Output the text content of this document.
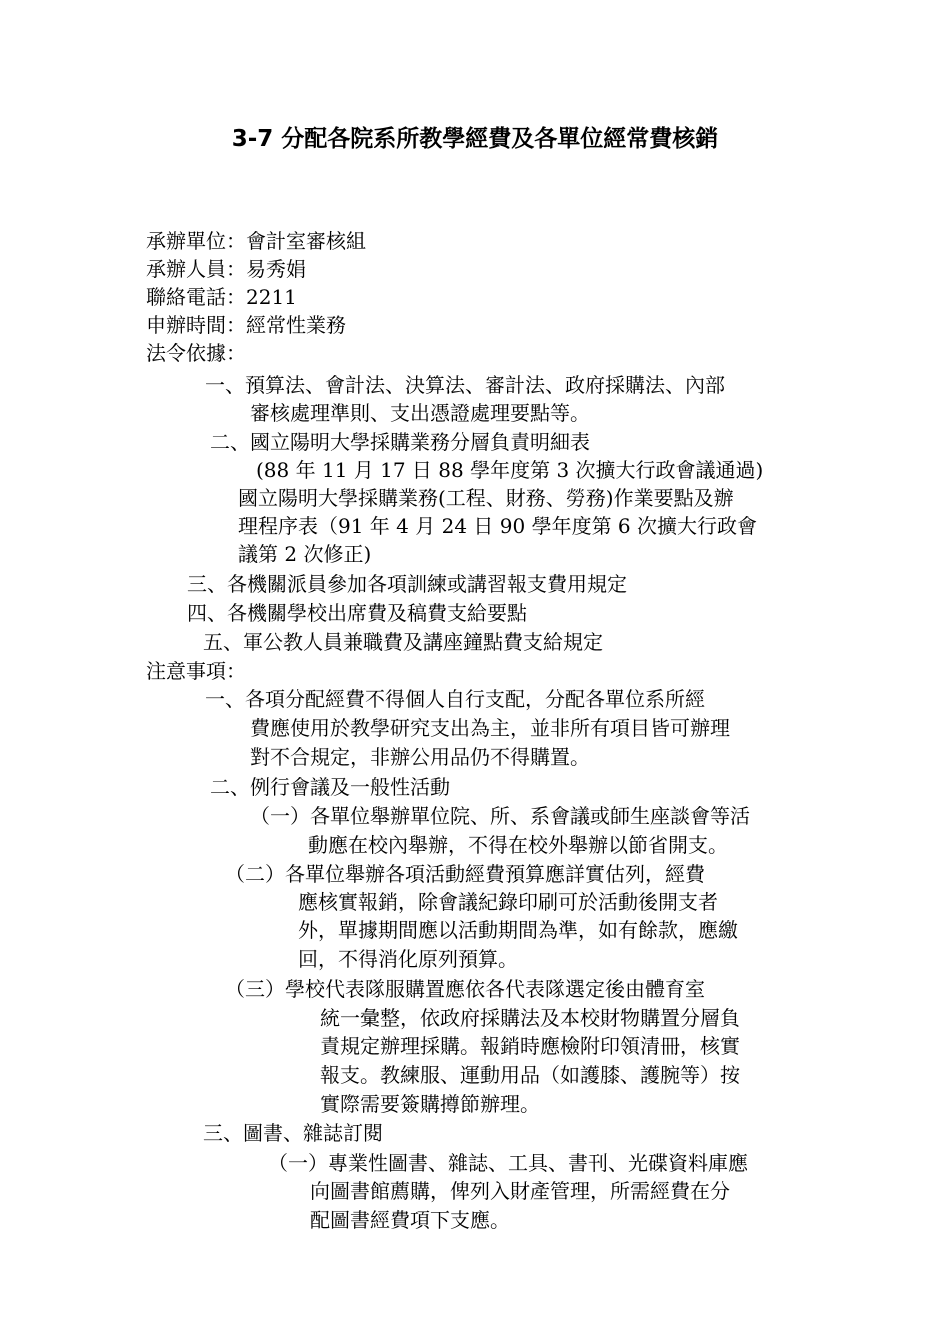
3-7 分配各院系所教學經費及各單位經常費核銷
承辦單位：會計室審核組
承辦人員：易秀娟
聯絡電話：2211
申辦時間：經常性業務
法令依據：
一、預算法、會計法、決算法、審計法、政府採購法、內部
審核處理準則、支出憑證處理要點等。
二、國立陽明大學採購業務分層負責明細表
(88 年 11 月 17 日 88 學年度第 3 次擴大行政會議通過)
國立陽明大學採購業務(工程、財務、勞務)作業要點及辦
理程序表（91 年 4 月 24 日 90 學年度第 6 次擴大行政會
議第 2 次修正)
三、各機關派員參加各項訓練或講習報支費用規定
四、各機關學校出席費及稿費支給要點
五、軍公教人員兼職費及講座鐘點費支給規定
注意事項：
一、各項分配經費不得個人自行支配，分配各單位系所經
費應使用於教學研究支出為主，並非所有項目皆可辦理
對不合規定，非辦公用品仍不得購置。
二、例行會議及一般性活動
（一）各單位舉辦單位院、所、系會議或師生座談會等活
動應在校內舉辦，不得在校外舉辦以節省開支。
（二）各單位舉辦各項活動經費預算應詳實估列，經費
應核實報銷，除會議紀錄印刷可於活動後開支者
外，單據期間應以活動期間為準，如有餘款，應繳
回，不得消化原列預算。
（三）學校代表隊服購置應依各代表隊選定後由體育室
統一彙整，依政府採購法及本校財物購置分層負
責規定辦理採購。報銷時應檢附印領清冊，核實
報支。教練服、運動用品（如護膝、護腕等）按
實際需要簽購撙節辦理。
三、圖書、雜誌訂閱
（一）專業性圖書、雜誌、工具、書刊、光碟資料庫應
向圖書館薦購，俾列入財產管理，所需經費在分
配圖書經費項下支應。
